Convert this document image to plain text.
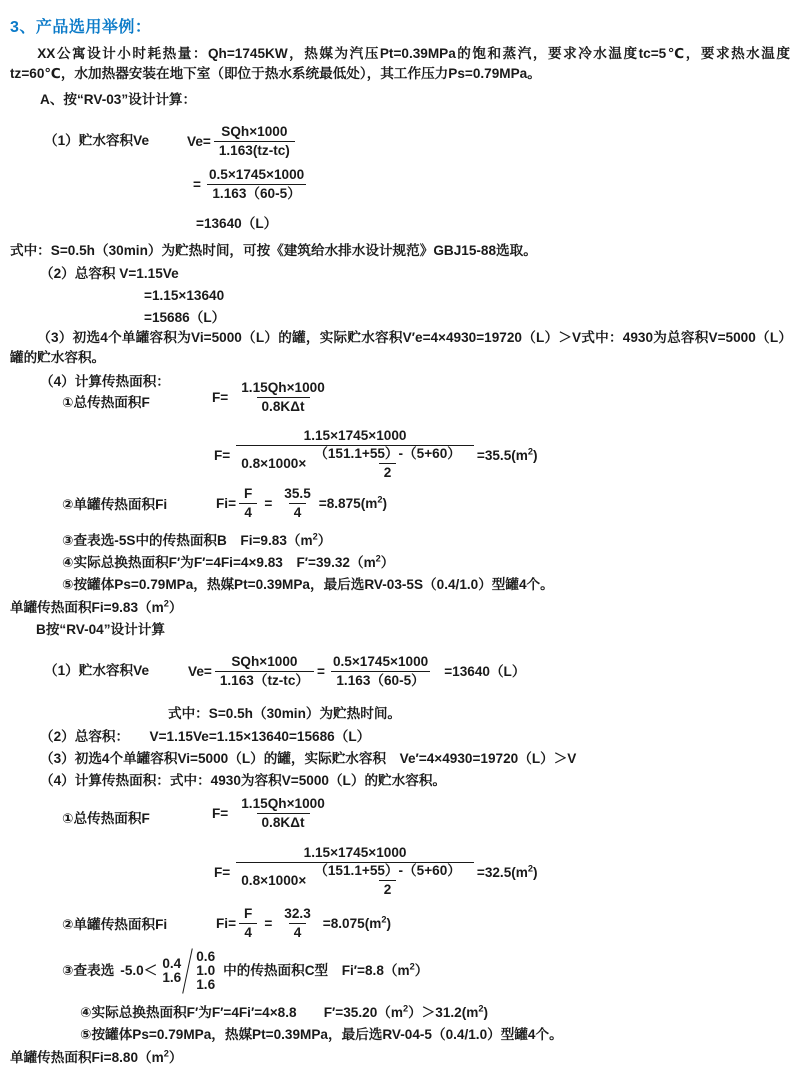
3、产品选用举例：
XX公寓设计小时耗热量：Qh=1745KW，热媒为汽压Pt=0.39MPa的饱和蒸汽，要求冷水温度tc=5℃，要求热水温度tz=60℃，水加热器安装在地下室（即位于热水系统最低处），其工作压力Ps=0.79MPa。
A、按“RV-03”设计计算：
（1）贮水容积Ve	$Ve= \frac{\text{SQh×1000}}{1.163(tz-tc)}$
= $\frac{0.5\times 1745\times 1000}{1.163(60-5)}$
=13640（L）
式中：S=0.5h（30min）为贮热时间，可按《建筑给水排水设计规范》GBJ15-88选取。
（2）总容积 V=1.15Ve
=1.15×13640
=15686（L）
（3）初选4个单罐容积为Vi=5000（L）的罐，实际贮水容积V′e=4×4930=19720（L）＞V式中：4930为总容积V=5000（L）罐的贮水容积。
（4）计算传热面积：
①总传热面积F	$F= \frac{1.15Qh\times 1000}{\text{0.8KΔt}}$
F=
1.15×1745×1000
$0.8\times 1000\times \frac{(151.1+55)-(5+60)}{2} =35.5(m^2)$
②单罐传热面积Fi	$Fi= \frac{F}{4} = \frac{35.5}{4} =8.875(m^2)$
③查表选-5S中的传热面积B　$Fi=9.83(m^2)$
④实际总换热面积F′为F′=4Fi=4×9.83　$F'=39.32(m^2)$
⑤按罐体Ps=0.79MPa，热媒Pt=0.39MPa，最后选RV-03-5S（0.4/1.0）型罐4个。
单罐传热面积$Fi=9.83(m^2)$
B按“RV-04”设计计算
（1）贮水容积Ve	$Ve= \frac{\text{SQh×1000}}{1.163(tz-tc)} = \frac{0.5\times 1745\times 1000}{1.163(60-5)} =13640(L)$
式中：S=0.5h（30min）为贮热时间。
（2）总容积：　　V=1.15Ve=1.15×13640=15686（L）
（3）初选4个单罐容积Vi=5000（L）的罐，实际贮水容积　Ve′=4×4930=19720（L）＞V
（4）计算传热面积：式中：4930为容积V=5000（L）的贮水容积。
①总传热面积F	$F= \frac{1.15Qh\times 1000}{\text{0.8KΔt}}$
F=
1.15×1745×1000
$0.8\times 1000\times \frac{(151.1+55)-(5+60)}{2} =32.5(m^2)$
②单罐传热面积Fi	$Fi= \frac{F}{4} = \frac{32.3}{4} =8.075(m^2)$
③查表选 -5.0＜ 0.4
1.6
0.6
1.0
1.6
中的传热面积C型　$Fi'=8.8(m^2)$
④实际总换热面积F′为F′=4Fi′=4×8.8　　$F'=35.20(m^2)>31.2(m^2)$
⑤按罐体Ps=0.79MPa，热媒Pt=0.39MPa，最后选RV-04-5（0.4/1.0）型罐4个。
单罐传热面积$Fi=8.80(m^2)$
